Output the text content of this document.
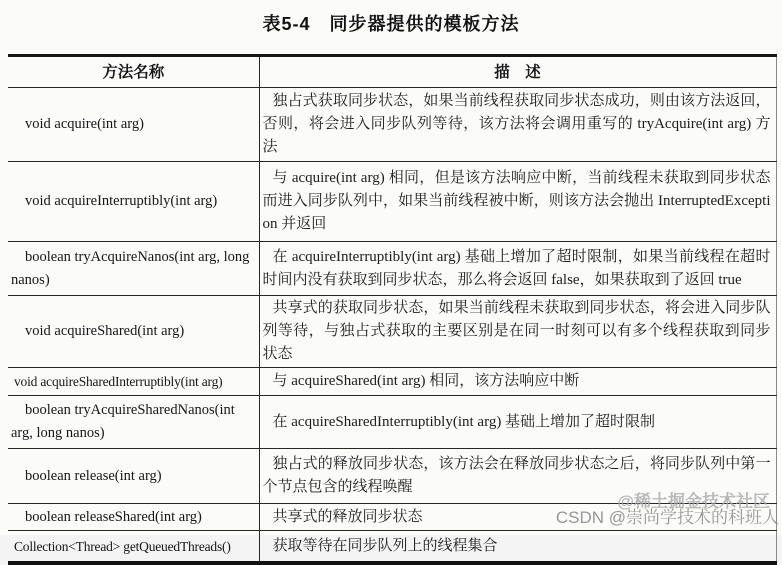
表5-4　同步器提供的模板方法
方法名称	描　述
void acquire(int arg)	独占式获取同步状态，如果当前线程获取同步状态成功，则由该方法返回，否则，将会进入同步队列等待，该方法将会调用重写的 tryAcquire(int arg) 方法
void acquireInterruptibly(int arg)	与 acquire(int arg) 相同，但是该方法响应中断，当前线程未获取到同步状态而进入同步队列中，如果当前线程被中断，则该方法会抛出 InterruptedException 并返回
boolean tryAcquireNanos(int arg, long nanos)	在 acquireInterruptibly(int arg) 基础上增加了超时限制，如果当前线程在超时时间内没有获取到同步状态，那么将会返回 false，如果获取到了返回 true
void acquireShared(int arg)	共享式的获取同步状态，如果当前线程未获取到同步状态，将会进入同步队列等待，与独占式获取的主要区别是在同一时刻可以有多个线程获取到同步状态
void acquireSharedInterruptibly(int arg)	与 acquireShared(int arg) 相同，该方法响应中断
boolean tryAcquireSharedNanos(int arg, long nanos)	在 acquireSharedInterruptibly(int arg) 基础上增加了超时限制
boolean release(int arg)	独占式的释放同步状态，该方法会在释放同步状态之后，将同步队列中第一个节点包含的线程唤醒
boolean releaseShared(int arg)	共享式的释放同步状态
Collection<Thread> getQueuedThreads()	获取等待在同步队列上的线程集合
@稀土掘金技术社区
CSDN @崇尚学技术的科班人
